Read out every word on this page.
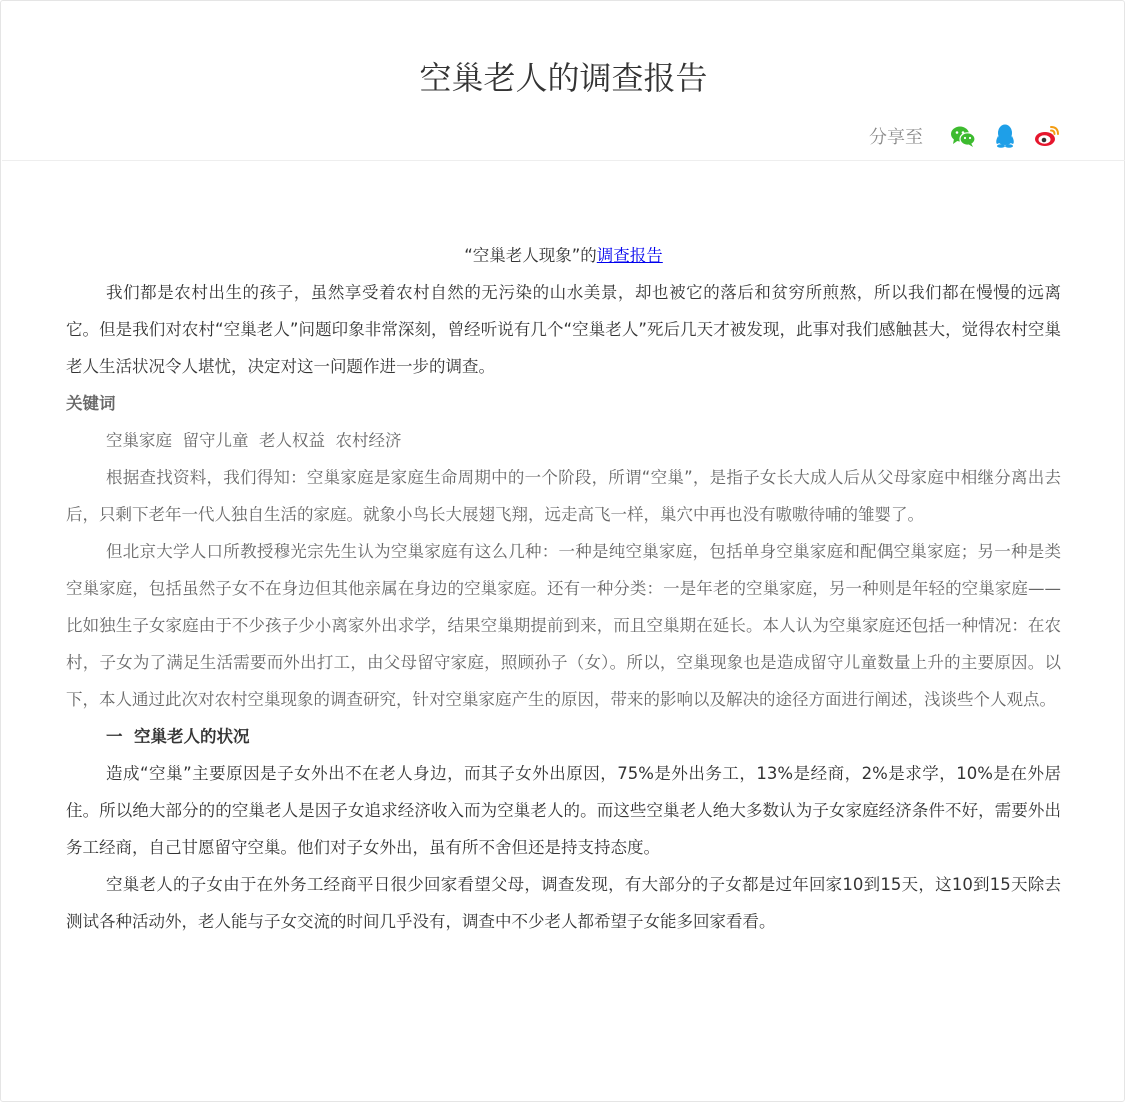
空巢老人的调查报告
分享至

“空巢老人现象”的调查报告

我们都是农村出生的孩子，虽然享受着农村自然的无污染的山水美景，却也被它的落后和贫穷所煎熬，所以我们都在慢慢的远离它。但是我们对农村“空巢老人”问题印象非常深刻，曾经听说有几个“空巢老人”死后几天才被发现，此事对我们感触甚大，觉得农村空巢老人生活状况令人堪忧，决定对这一问题作进一步的调查。

关键词

空巢家庭  留守儿童  老人权益  农村经济

根据查找资料，我们得知：空巢家庭是家庭生命周期中的一个阶段，所谓“空巢”，是指子女长大成人后从父母家庭中相继分离出去后，只剩下老年一代人独自生活的家庭。就象小鸟长大展翅飞翔，远走高飞一样，巢穴中再也没有嗷嗷待哺的雏婴了。

但北京大学人口所教授穆光宗先生认为空巢家庭有这么几种：一种是纯空巢家庭，包括单身空巢家庭和配偶空巢家庭；另一种是类空巢家庭，包括虽然子女不在身边但其他亲属在身边的空巢家庭。还有一种分类：一是年老的空巢家庭，另一种则是年轻的空巢家庭——比如独生子女家庭由于不少孩子少小离家外出求学，结果空巢期提前到来，而且空巢期在延长。本人认为空巢家庭还包括一种情况：在农村，子女为了满足生活需要而外出打工，由父母留守家庭，照顾孙子（女）。所以，空巢现象也是造成留守儿童数量上升的主要原因。以下，本人通过此次对农村空巢现象的调查研究，针对空巢家庭产生的原因，带来的影响以及解决的途径方面进行阐述，浅谈些个人观点。

一  空巢老人的状况

造成“空巢”主要原因是子女外出不在老人身边，而其子女外出原因，75%是外出务工，13%是经商，2%是求学，10%是在外居住。所以绝大部分的的空巢老人是因子女追求经济收入而为空巢老人的。而这些空巢老人绝大多数认为子女家庭经济条件不好，需要外出务工经商，自己甘愿留守空巢。他们对子女外出，虽有所不舍但还是持支持态度。

空巢老人的子女由于在外务工经商平日很少回家看望父母，调查发现，有大部分的子女都是过年回家10到15天，这10到15天除去测试各种活动外，老人能与子女交流的时间几乎没有，调查中不少老人都希望子女能多回家看看。
